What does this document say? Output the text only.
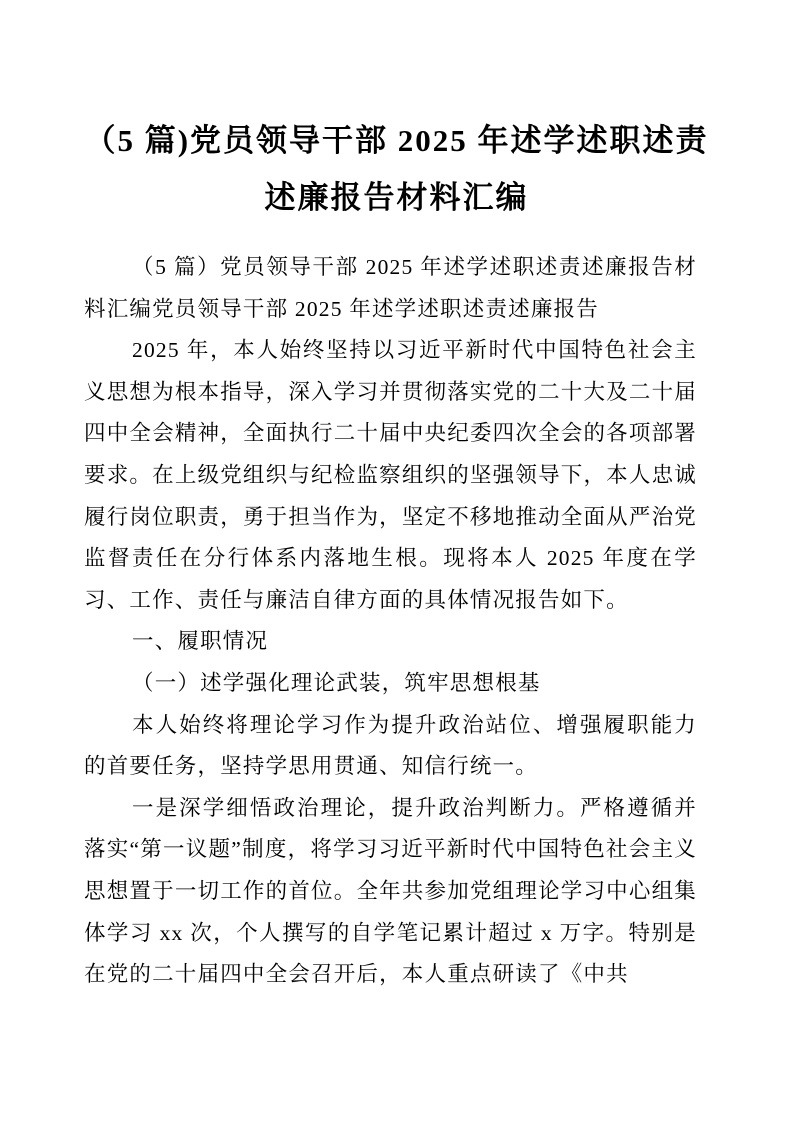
（5 篇)党员领导干部 2025 年述学述职述责
述廉报告材料汇编

（5 篇）党员领导干部 2025 年述学述职述责述廉报告材料汇编党员领导干部 2025 年述学述职述责述廉报告

2025 年，本人始终坚持以习近平新时代中国特色社会主义思想为根本指导，深入学习并贯彻落实党的二十大及二十届四中全会精神，全面执行二十届中央纪委四次全会的各项部署要求。在上级党组织与纪检监察组织的坚强领导下，本人忠诚履行岗位职责，勇于担当作为，坚定不移地推动全面从严治党监督责任在分行体系内落地生根。现将本人 2025 年度在学习、工作、责任与廉洁自律方面的具体情况报告如下。

一、履职情况

（一）述学强化理论武装，筑牢思想根基

本人始终将理论学习作为提升政治站位、增强履职能力的首要任务，坚持学思用贯通、知信行统一。

一是深学细悟政治理论，提升政治判断力。严格遵循并落实“第一议题”制度，将学习习近平新时代中国特色社会主义思想置于一切工作的首位。全年共参加党组理论学习中心组集体学习 xx 次，个人撰写的自学笔记累计超过 x 万字。特别是在党的二十届四中全会召开后，本人重点研读了《中共
